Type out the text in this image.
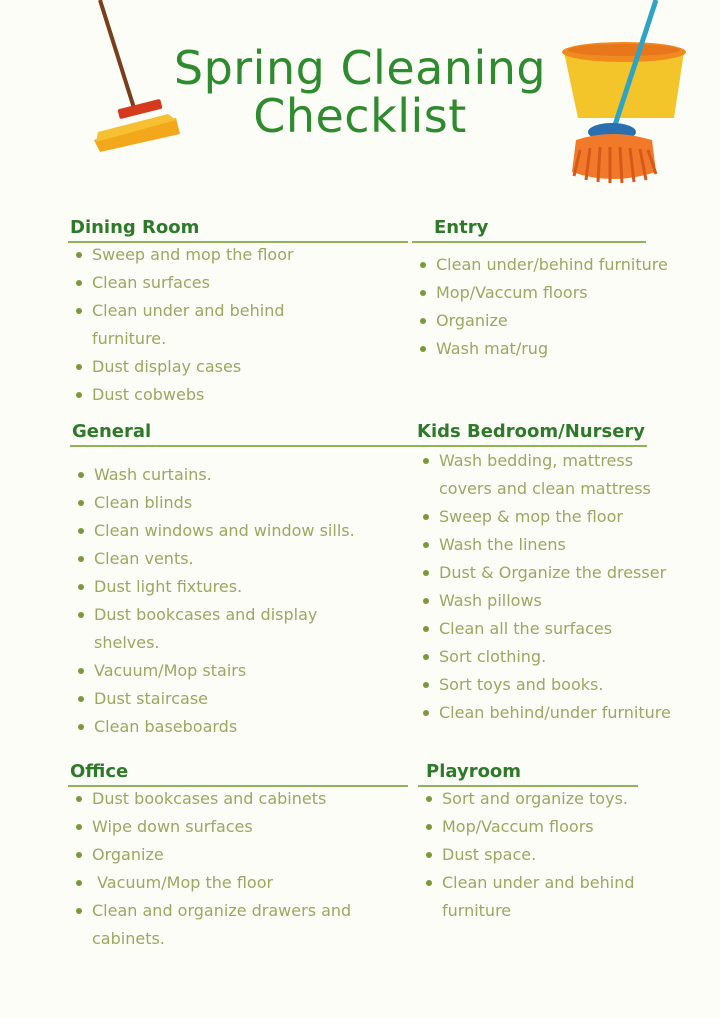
Spring Cleaning
Checklist
Dining Room
Sweep and mop the floor
Clean surfaces
Clean under and behind
furniture.
Dust display cases
Dust cobwebs
Entry
Clean under/behind furniture
Mop/Vaccum floors
Organize
Wash mat/rug
General
Wash curtains.
Clean blinds
Clean windows and window sills.
Clean vents.
Dust light fixtures.
Dust bookcases and display
shelves.
Vacuum/Mop stairs
Dust staircase
Clean baseboards
Kids Bedroom/Nursery
Wash bedding, mattress
covers and clean mattress
Sweep & mop the floor
Wash the linens
Dust & Organize the dresser
Wash pillows
Clean all the surfaces
Sort clothing.
Sort toys and books.
Clean behind/under furniture
Office
Dust bookcases and cabinets
Wipe down surfaces
Organize
Vacuum/Mop the floor
Clean and organize drawers and
cabinets.
Playroom
Sort and organize toys.
Mop/Vaccum floors
Dust space.
Clean under and behind
furniture
